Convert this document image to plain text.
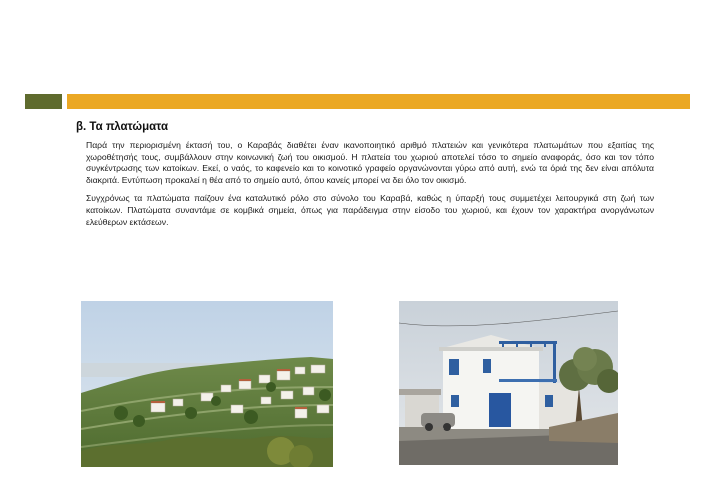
β. Τα πλατώματα

Παρά την περιορισμένη έκτασή του, ο Καραβάς διαθέτει έναν ικανοποιητικό αριθμό πλατειών και γενικότερα πλατωμάτων που εξαιτίας της χωροθέτησής τους, συμβάλλουν στην κοινωνική ζωή του οικισμού. Η πλατεία του χωριού αποτελεί τόσο το σημείο αναφοράς, όσο και τον τόπο συγκέντρωσης των κατοίκων. Εκεί, ο ναός, το καφενείο και το κοινοτικό γραφείο οργανώνονται γύρω από αυτή, ενώ τα όριά της δεν είναι απόλυτα διακριτά. Εντύπωση προκαλεί η θέα από το σημείο αυτό, όπου κανείς μπορεί να δει όλο τον οικισμό.

Συγχρόνως τα πλατώματα παίζουν ένα καταλυτικό ρόλο στο σύνολο του Καραβά, καθώς η ύπαρξή τους συμμετέχει λειτουργικά στη ζωή των κατοίκων. Πλατώματα συναντάμε σε κομβικά σημεία, όπως για παράδειγμα στην είσοδο του χωριού, και έχουν τον χαρακτήρα ανοργάνωτων ελεύθερων εκτάσεων.
